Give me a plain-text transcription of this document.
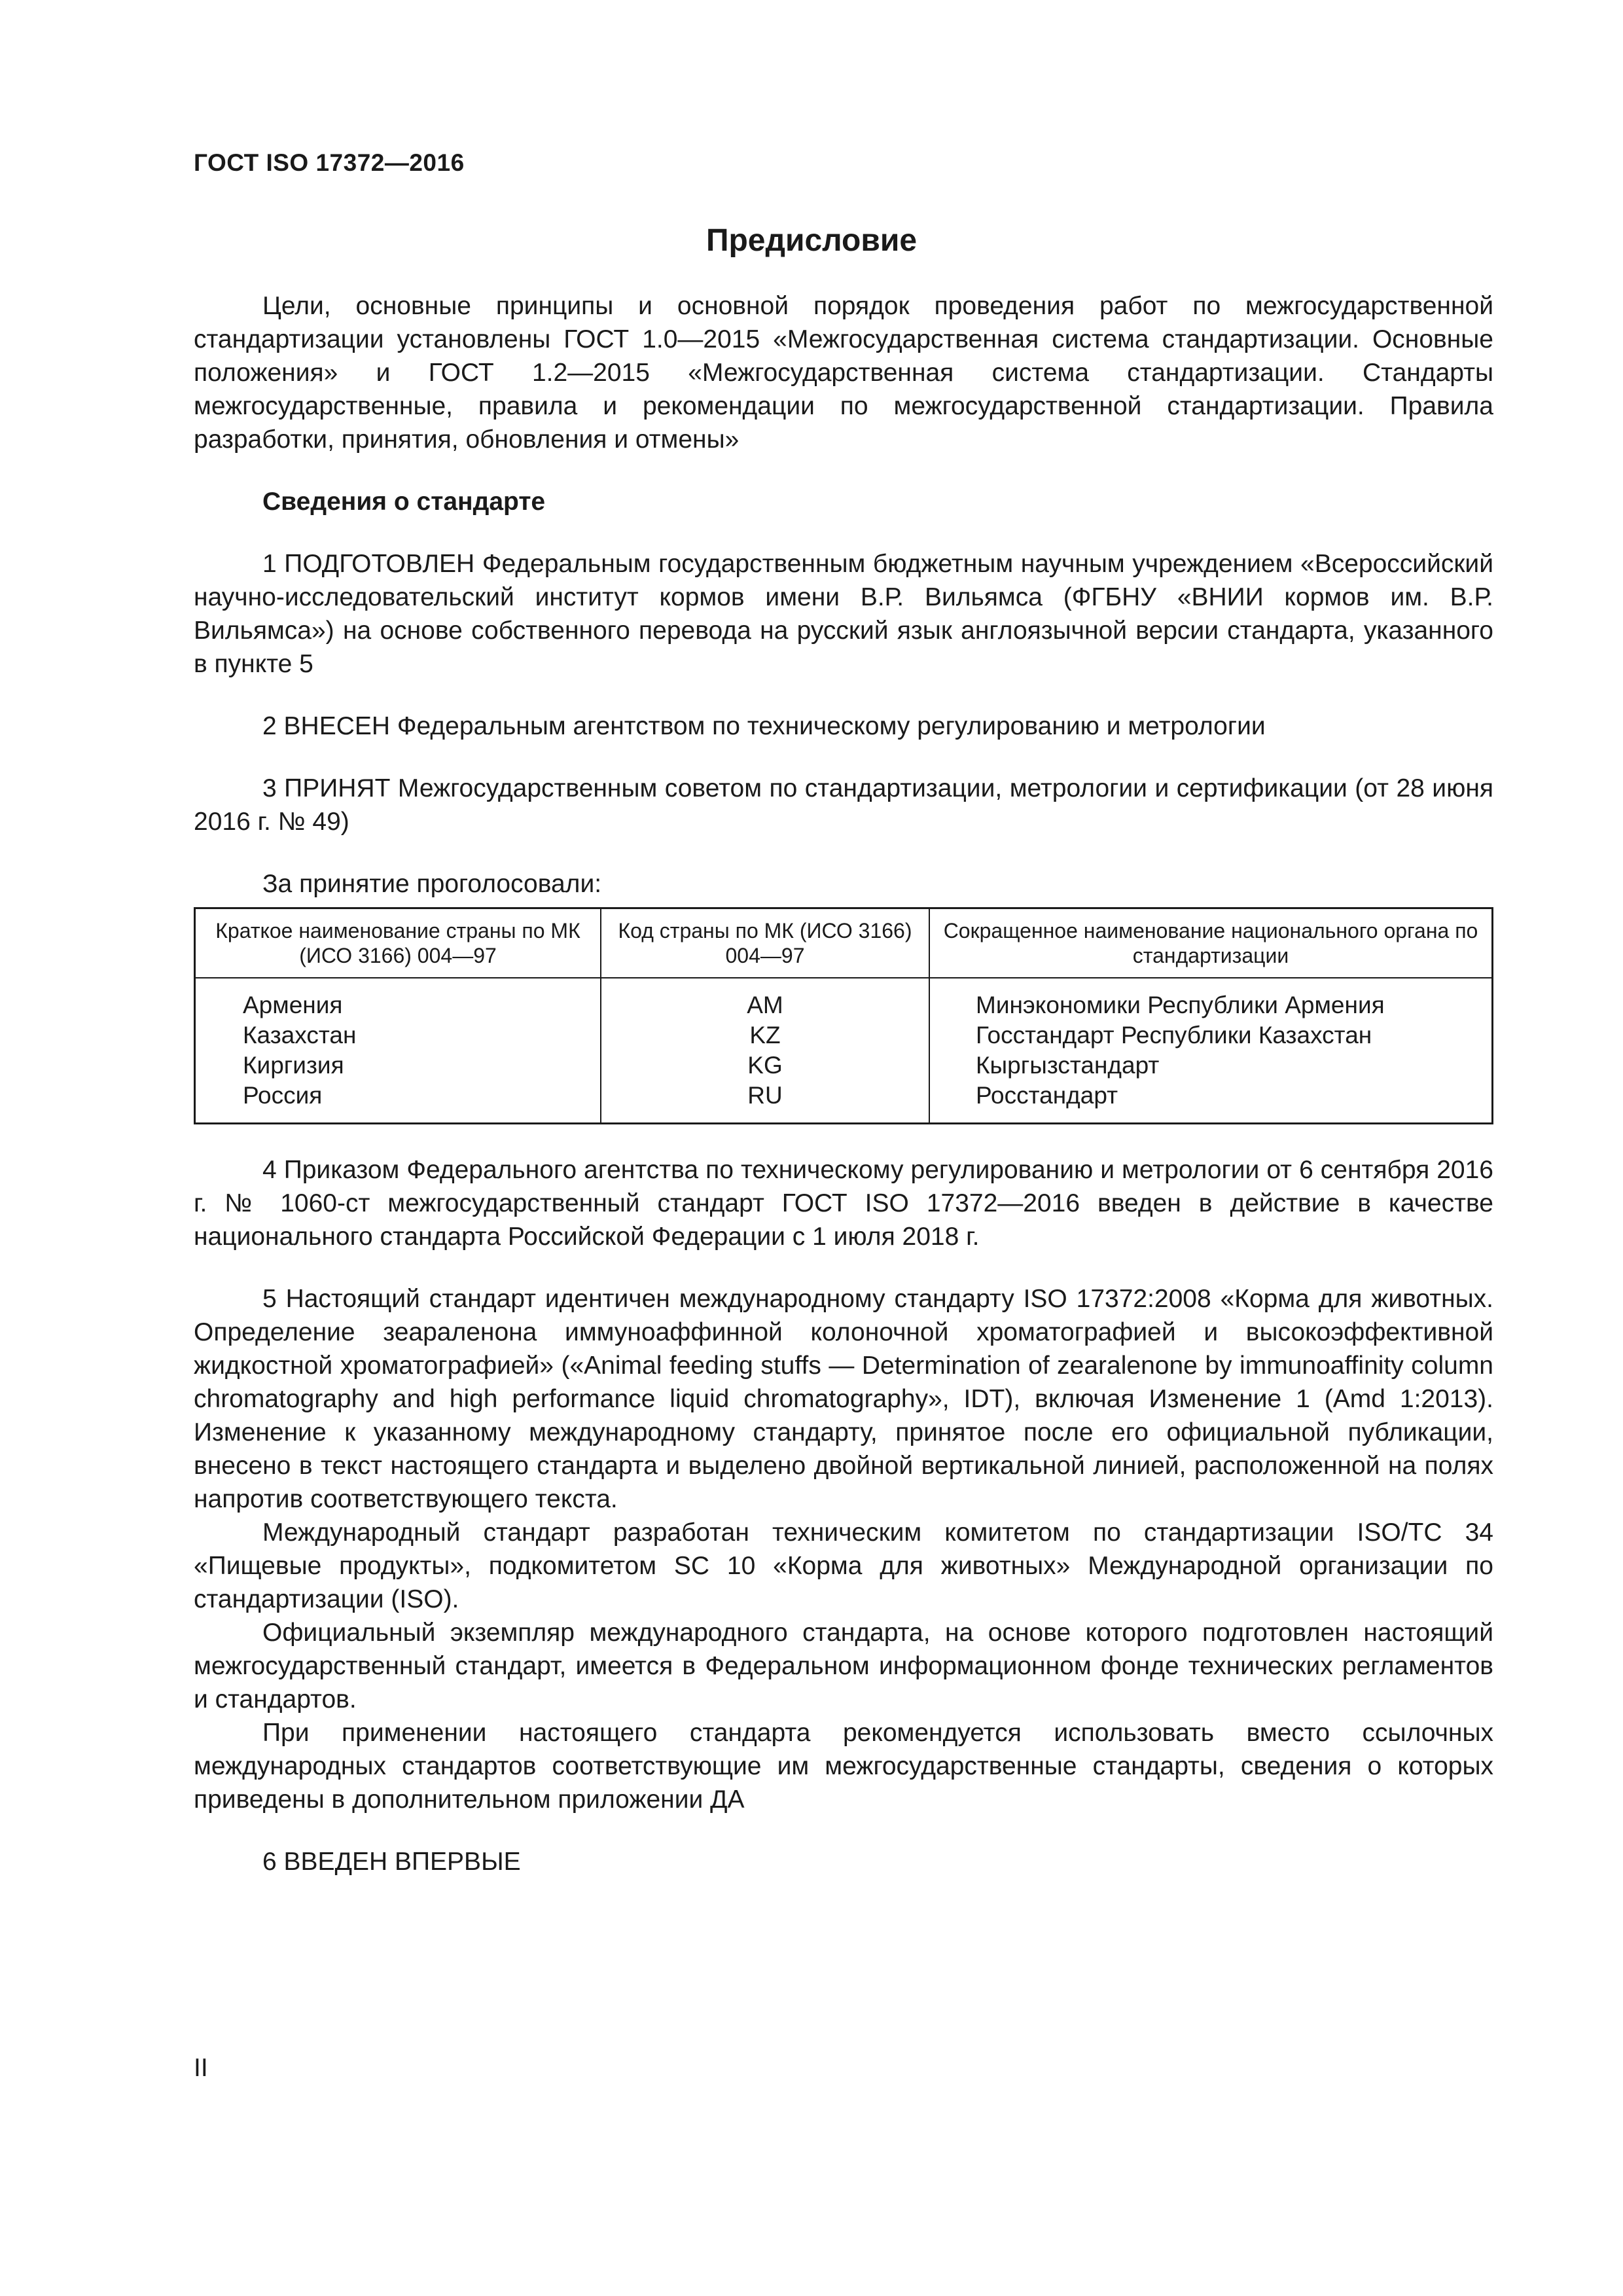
ГОСТ ISO 17372—2016
Предисловие

Цели, основные принципы и основной порядок проведения работ по межгосударственной стандартизации установлены ГОСТ 1.0—2015 «Межгосударственная система стандартизации. Основные положения» и ГОСТ 1.2—2015 «Межгосударственная система стандартизации. Стандарты межгосударственные, правила и рекомендации по межгосударственной стандартизации. Правила разработки, принятия, обновления и отмены»

Сведения о стандарте

1 ПОДГОТОВЛЕН Федеральным государственным бюджетным научным учреждением «Всероссийский научно-исследовательский институт кормов имени В.Р. Вильямса (ФГБНУ «ВНИИ кормов им. В.Р. Вильямса») на основе собственного перевода на русский язык англоязычной версии стандарта, указанного в пункте 5

2 ВНЕСЕН Федеральным агентством по техническому регулированию и метрологии

3 ПРИНЯТ Межгосударственным советом по стандартизации, метрологии и сертификации (от 28 июня 2016 г. № 49)

За принятие проголосовали:

Краткое наименование страны по МК (ИСО 3166) 004—97	Код страны по МК (ИСО 3166) 004—97	Сокращенное наименование национального органа по стандартизации
Армения	AM	Минэкономики Республики Армения
Казахстан	KZ	Госстандарт Республики Казахстан
Киргизия	KG	Кыргызстандарт
Россия	RU	Росстандарт

4 Приказом Федерального агентства по техническому регулированию и метрологии от 6 сентября 2016 г. № 1060-ст межгосударственный стандарт ГОСТ ISO 17372—2016 введен в действие в качестве национального стандарта Российской Федерации с 1 июля 2018 г.

5 Настоящий стандарт идентичен международному стандарту ISO 17372:2008 «Корма для животных. Определение зеараленона иммуноаффинной колоночной хроматографией и высокоэффективной жидкостной хроматографией» («Animal feeding stuffs — Determination of zearalenone by immunoaffinity column chromatography and high performance liquid chromatography», IDT), включая Изменение 1 (Amd 1:2013). Изменение к указанному международному стандарту, принятое после его официальной публикации, внесено в текст настоящего стандарта и выделено двойной вертикальной линией, расположенной на полях напротив соответствующего текста.

Международный стандарт разработан техническим комитетом по стандартизации ISO/TC 34 «Пищевые продукты», подкомитетом SC 10 «Корма для животных» Международной организации по стандартизации (ISO).

Официальный экземпляр международного стандарта, на основе которого подготовлен настоящий межгосударственный стандарт, имеется в Федеральном информационном фонде технических регламентов и стандартов.

При применении настоящего стандарта рекомендуется использовать вместо ссылочных международных стандартов соответствующие им межгосударственные стандарты, сведения о которых приведены в дополнительном приложении ДА

6 ВВЕДЕН ВПЕРВЫЕ

II
